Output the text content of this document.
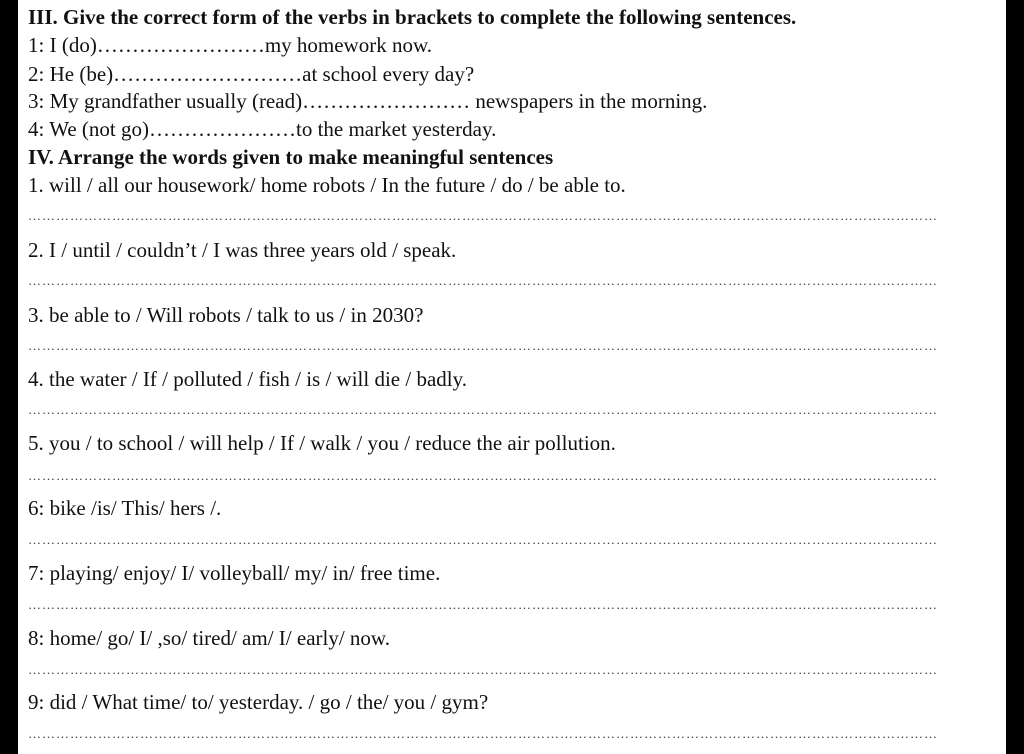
III. Give the correct form of the verbs in brackets to complete the following sentences.
1: I (do)……………………my homework now.
2: He (be)………………………at school every day?
3: My grandfather usually (read)…………………… newspapers in the morning.
4: We (not go)…………………to the market yesterday.
IV. Arrange the words given to make meaningful sentences
1. will / all our housework/ home robots / In the future / do / be able to.
……………………………………………………………………………………………………………………………………………………………………………
2. I / until / couldn’t / I was three years old / speak.
……………………………………………………………………………………………………………………………………………………………………………
3. be able to / Will robots / talk to us / in 2030?
……………………………………………………………………………………………………………………………………………………………………………
4. the water / If / polluted / fish / is / will die / badly.
……………………………………………………………………………………………………………………………………………………………………………
5. you / to school / will help / If / walk / you / reduce the air pollution.
……………………………………………………………………………………………………………………………………………………………………………
6: bike /is/ This/ hers /.
……………………………………………………………………………………………………………………………………………………………………………
7: playing/ enjoy/ I/ volleyball/ my/ in/ free time.
……………………………………………………………………………………………………………………………………………………………………………
8: home/ go/ I/ ,so/ tired/ am/ I/ early/ now.
……………………………………………………………………………………………………………………………………………………………………………
9: did / What time/ to/ yesterday. / go / the/ you / gym?
……………………………………………………………………………………………………………………………………………………………………………
